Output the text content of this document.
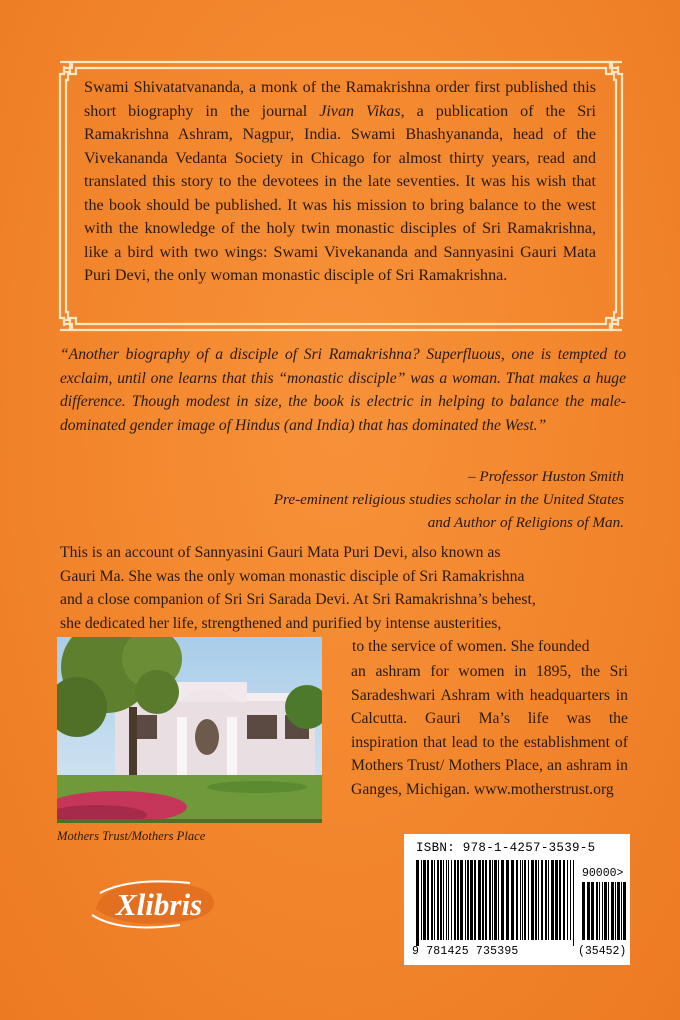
Swami Shivatatvananda, a monk of the Ramakrishna order first published this short biography in the journal Jivan Vikas, a publication of the Sri Ramakrishna Ashram, Nagpur, India. Swami Bhashyananda, head of the Vivekananda Vedanta Society in Chicago for almost thirty years, read and translated this story to the devotees in the late seventies. It was his wish that the book should be published. It was his mission to bring balance to the west with the knowledge of the holy twin monastic disciples of Sri Ramakrishna, like a bird with two wings: Swami Vivekananda and Sannyasini Gauri Mata Puri Devi, the only woman monastic disciple of Sri Ramakrishna.
“Another biography of a disciple of Sri Ramakrishna? Superfluous, one is tempted to exclaim, until one learns that this “monastic disciple” was a woman. That makes a huge difference. Though modest in size, the book is electric in helping to balance the male-dominated gender image of Hindus (and India) that has dominated the West.”
– Professor Huston Smith
Pre-eminent religious studies scholar in the United States
and Author of Religions of Man.
This is an account of Sannyasini Gauri Mata Puri Devi, also known as
Gauri Ma. She was the only woman monastic disciple of Sri Ramakrishna
and a close companion of Sri Sri Sarada Devi. At Sri Ramakrishna’s behest,
she dedicated her life, strengthened and purified by intense austerities,
to the service of women. She founded
an ashram for women in 1895, the Sri Saradeshwari Ashram with headquarters in Calcutta. Gauri Ma’s life was the inspiration that lead to the establishment of Mothers Trust/ Mothers Place, an ashram in Ganges, Michigan. www.motherstrust.org
Mothers Trust/Mothers Place
Xlibris
ISBN: 978-1-4257-3539-5
90000>
9 781425 735395	(35452)
